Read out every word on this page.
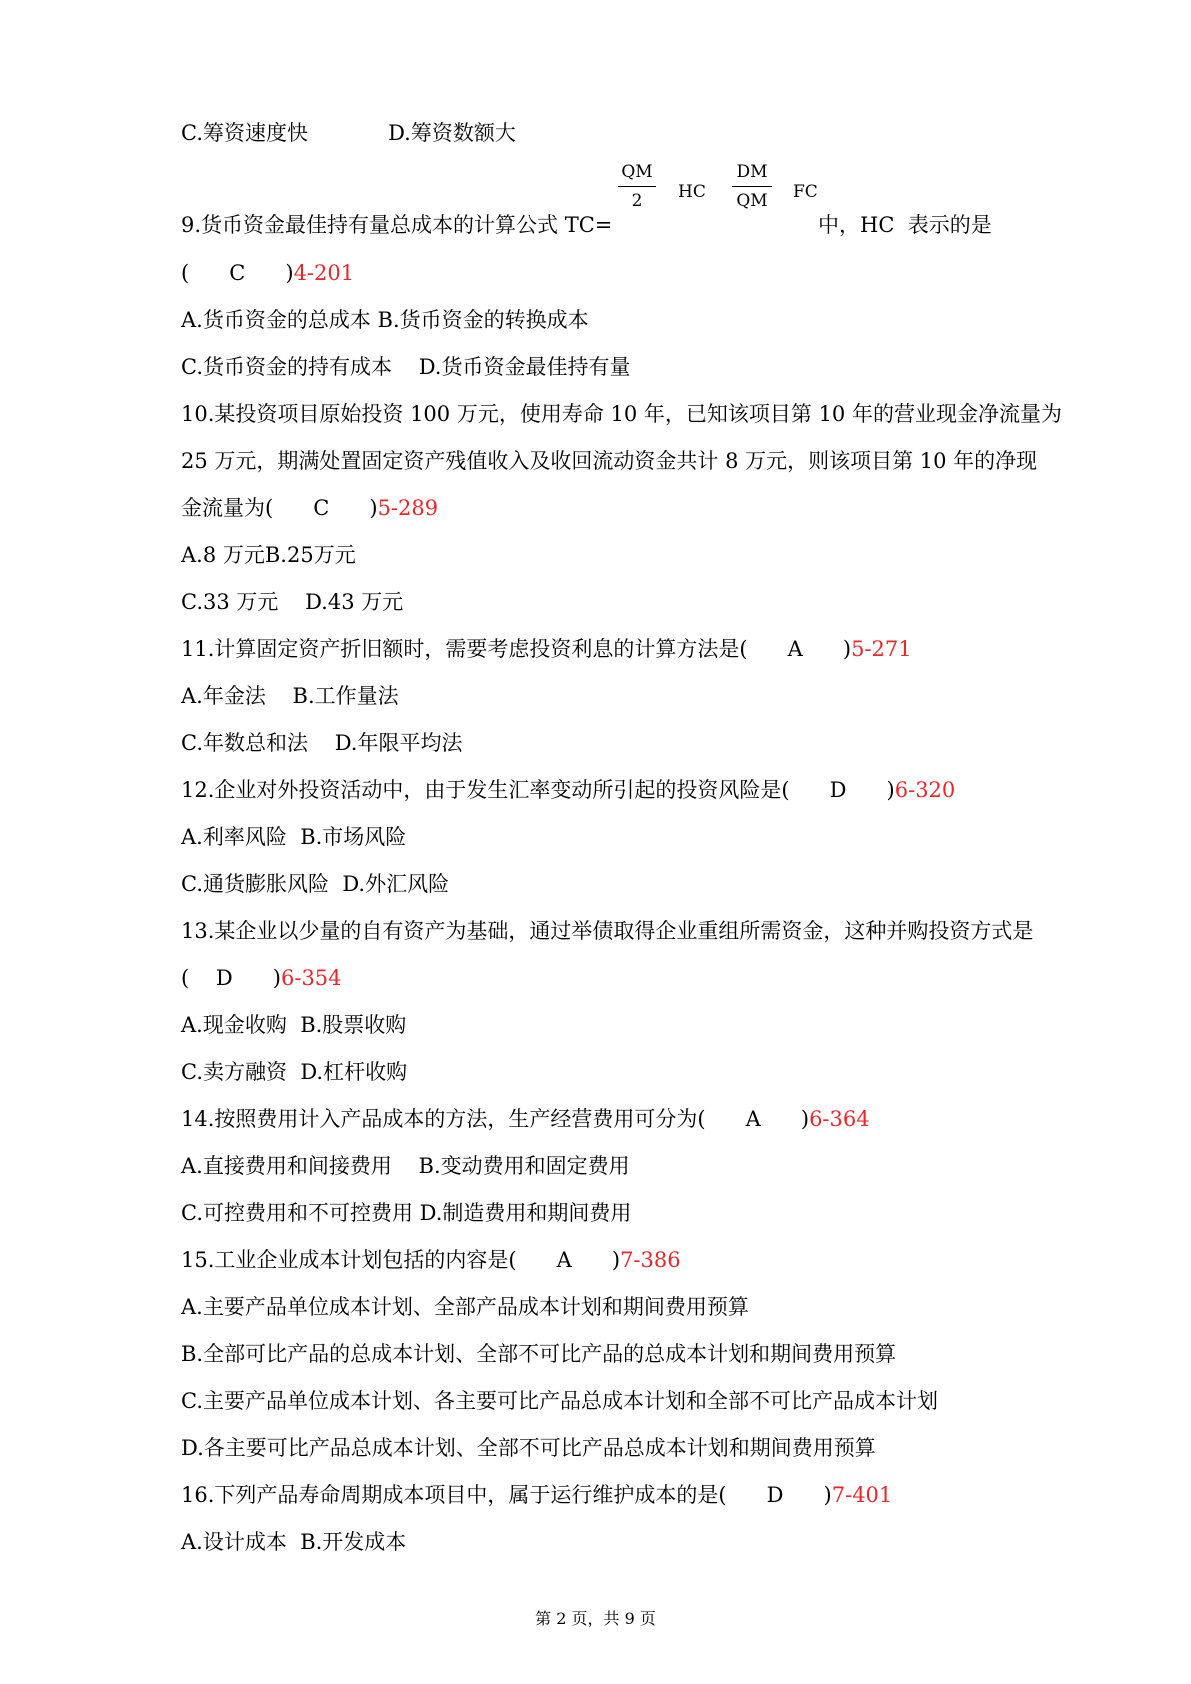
C.筹资速度快            D.筹资数额大
QM
2	HC
DM
QM FC
9.货币资金最佳持有量总成本的计算公式 TC=	中，HC  表示的是
(      C      )4-201
A.货币资金的总成本 B.货币资金的转换成本
C.货币资金的持有成本    D.货币资金最佳持有量
10.某投资项目原始投资 100 万元，使用寿命 10 年，已知该项目第 10 年的营业现金净流量为
25 万元，期满处置固定资产残值收入及收回流动资金共计 8 万元，则该项目第 10 年的净现
金流量为(      C      )5-289
A.8 万元B.25万元
C.33 万元    D.43 万元
11.计算固定资产折旧额时，需要考虑投资利息的计算方法是(      A      )5-271
A.年金法    B.工作量法
C.年数总和法    D.年限平均法
12.企业对外投资活动中，由于发生汇率变动所引起的投资风险是(      D      )6-320
A.利率风险  B.市场风险
C.通货膨胀风险  D.外汇风险
13.某企业以少量的自有资产为基础，通过举债取得企业重组所需资金，这种并购投资方式是
(    D      )6-354
A.现金收购  B.股票收购
C.卖方融资  D.杠杆收购
14.按照费用计入产品成本的方法，生产经营费用可分为(      A      )6-364
A.直接费用和间接费用    B.变动费用和固定费用
C.可控费用和不可控费用 D.制造费用和期间费用
15.工业企业成本计划包括的内容是(      A      )7-386
A.主要产品单位成本计划、全部产品成本计划和期间费用预算
B.全部可比产品的总成本计划、全部不可比产品的总成本计划和期间费用预算
C.主要产品单位成本计划、各主要可比产品总成本计划和全部不可比产品成本计划
D.各主要可比产品总成本计划、全部不可比产品总成本计划和期间费用预算
16.下列产品寿命周期成本项目中，属于运行维护成本的是(      D      )7-401
A.设计成本  B.开发成本
第 2 页，共 9 页
